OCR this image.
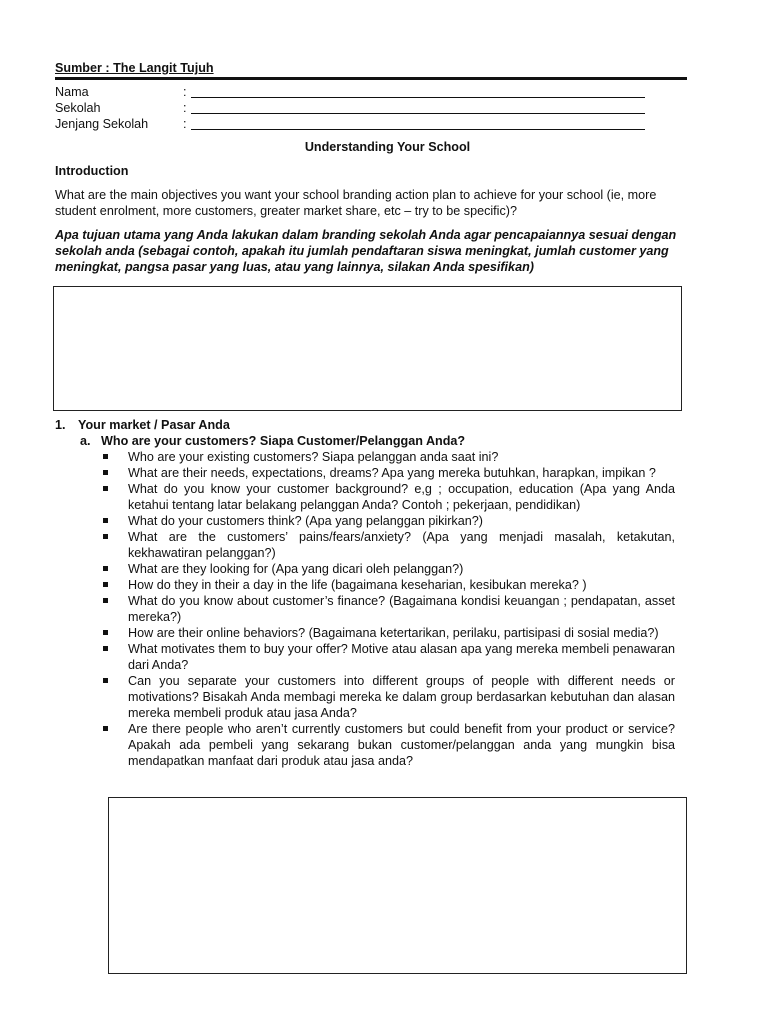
Sumber : The Langit Tujuh
Nama	:
Sekolah	:
Jenjang Sekolah	:
Understanding Your School
Introduction
What are the main objectives you want your school branding action plan to achieve for your school (ie, more student enrolment, more customers, greater market share, etc – try to be specific)?
Apa tujuan utama yang Anda lakukan dalam branding sekolah Anda agar pencapaiannya sesuai dengan sekolah anda (sebagai contoh, apakah itu jumlah pendaftaran siswa meningkat, jumlah customer yang meningkat, pangsa pasar yang luas, atau yang lainnya, silakan Anda spesifikan)
1. Your market / Pasar Anda
a. Who are your customers? Siapa Customer/Pelanggan Anda?
Who are your existing customers? Siapa pelanggan anda saat ini?
What are their needs, expectations, dreams? Apa yang mereka butuhkan, harapkan, impikan ?
What do you know your customer background? e,g ; occupation, education (Apa yang Anda ketahui tentang latar belakang pelanggan Anda? Contoh ; pekerjaan, pendidikan)
What do your customers think? (Apa yang pelanggan pikirkan?)
What are the customers’ pains/fears/anxiety? (Apa yang menjadi masalah, ketakutan, kekhawatiran pelanggan?)
What are they looking for (Apa yang dicari oleh pelanggan?)
How do they in their a day in the life (bagaimana keseharian, kesibukan mereka? )
What do you know about customer’s finance? (Bagaimana kondisi keuangan ; pendapatan, asset mereka?)
How are their online behaviors? (Bagaimana ketertarikan, perilaku, partisipasi di sosial media?)
What motivates them to buy your offer? Motive atau alasan apa yang mereka membeli penawaran dari Anda?
Can you separate your customers into different groups of people with different needs or motivations? Bisakah Anda membagi mereka ke dalam group berdasarkan kebutuhan dan alasan mereka membeli produk atau jasa Anda?
Are there people who aren’t currently customers but could benefit from your product or service? Apakah ada pembeli yang sekarang bukan customer/pelanggan anda yang mungkin bisa mendapatkan manfaat dari produk atau jasa anda?
